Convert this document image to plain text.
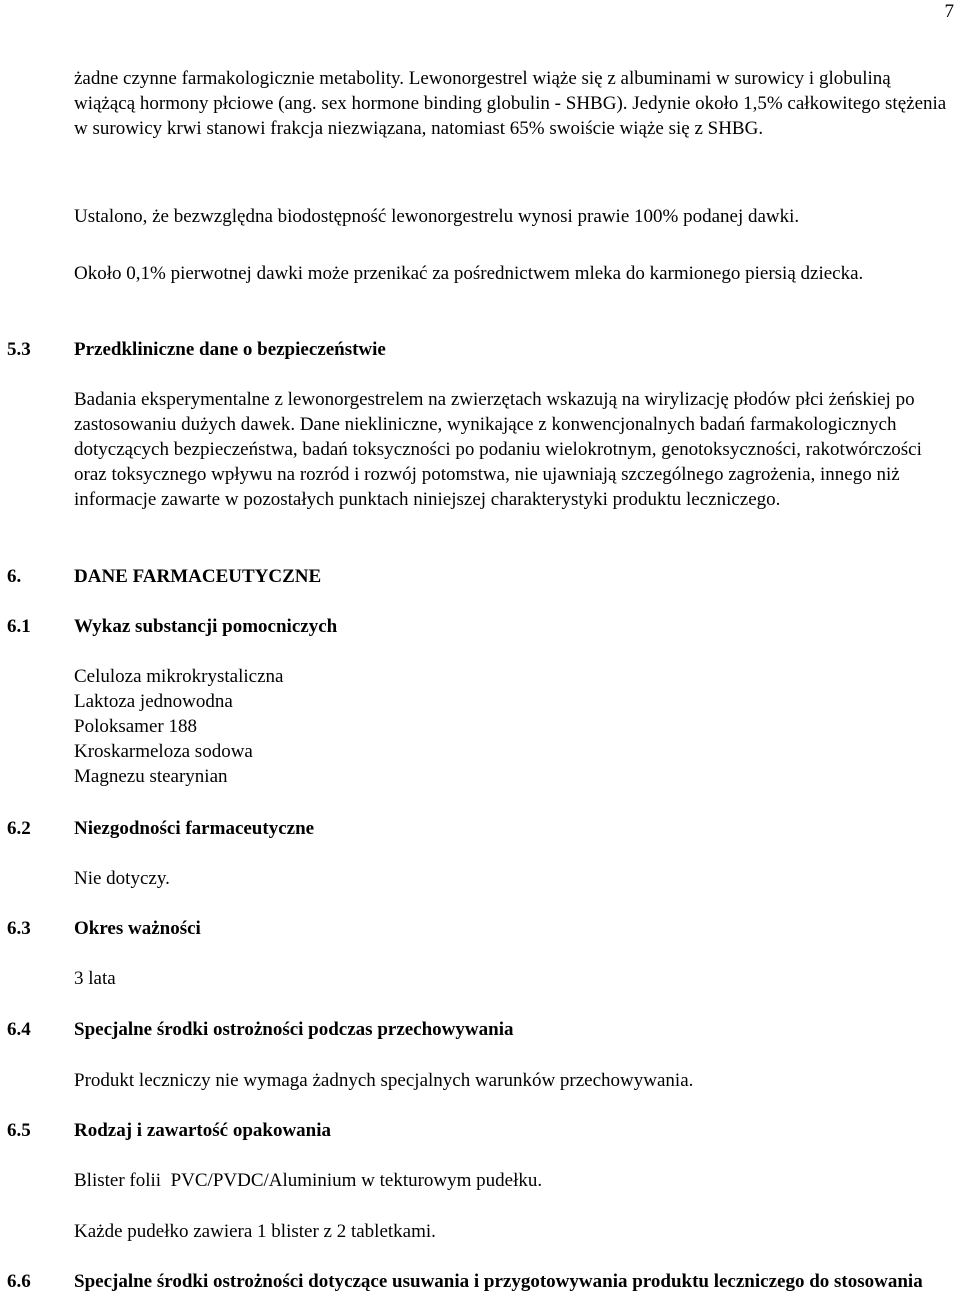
7

żadne czynne farmakologicznie metabolity. Lewonorgestrel wiąże się z albuminami w surowicy i globuliną wiążącą hormony płciowe (ang. sex hormone binding globulin - SHBG). Jedynie około 1,5% całkowitego stężenia w surowicy krwi stanowi frakcja niezwiązana, natomiast 65% swoiście wiąże się z SHBG.

Ustalono, że bezwzględna biodostępność lewonorgestrelu wynosi prawie 100% podanej dawki.

Około 0,1% pierwotnej dawki może przenikać za pośrednictwem mleka do karmionego piersią dziecka.

5.3 Przedkliniczne dane o bezpieczeństwie

Badania eksperymentalne z lewonorgestrelem na zwierzętach wskazują na wirylizację płodów płci żeńskiej po zastosowaniu dużych dawek. Dane niekliniczne, wynikające z konwencjonalnych badań farmakologicznych dotyczących bezpieczeństwa, badań toksyczności po podaniu wielokrotnym, genotoksyczności, rakotwórczości oraz toksycznego wpływu na rozród i rozwój potomstwa, nie ujawniają szczególnego zagrożenia, innego niż informacje zawarte w pozostałych punktach niniejszej charakterystyki produktu leczniczego.

6.	DANE FARMACEUTYCZNE
6.1 Wykaz substancji pomocniczych
Celuloza mikrokrystaliczna
Laktoza jednowodna
Poloksamer 188
Kroskarmeloza sodowa
Magnezu stearynian
6.2 Niezgodności farmaceutyczne

Nie dotyczy.

6.3 Okres ważności

3 lata

6.4 Specjalne środki ostrożności podczas przechowywania

Produkt leczniczy nie wymaga żadnych specjalnych warunków przechowywania.

6.5 Rodzaj i zawartość opakowania

Blister folii  PVC/PVDC/Aluminium w tekturowym pudełku.

Każde pudełko zawiera 1 blister z 2 tabletkami.

6.6	Specjalne środki ostrożności dotyczące usuwania i przygotowywania produktu leczniczego do stosowania
